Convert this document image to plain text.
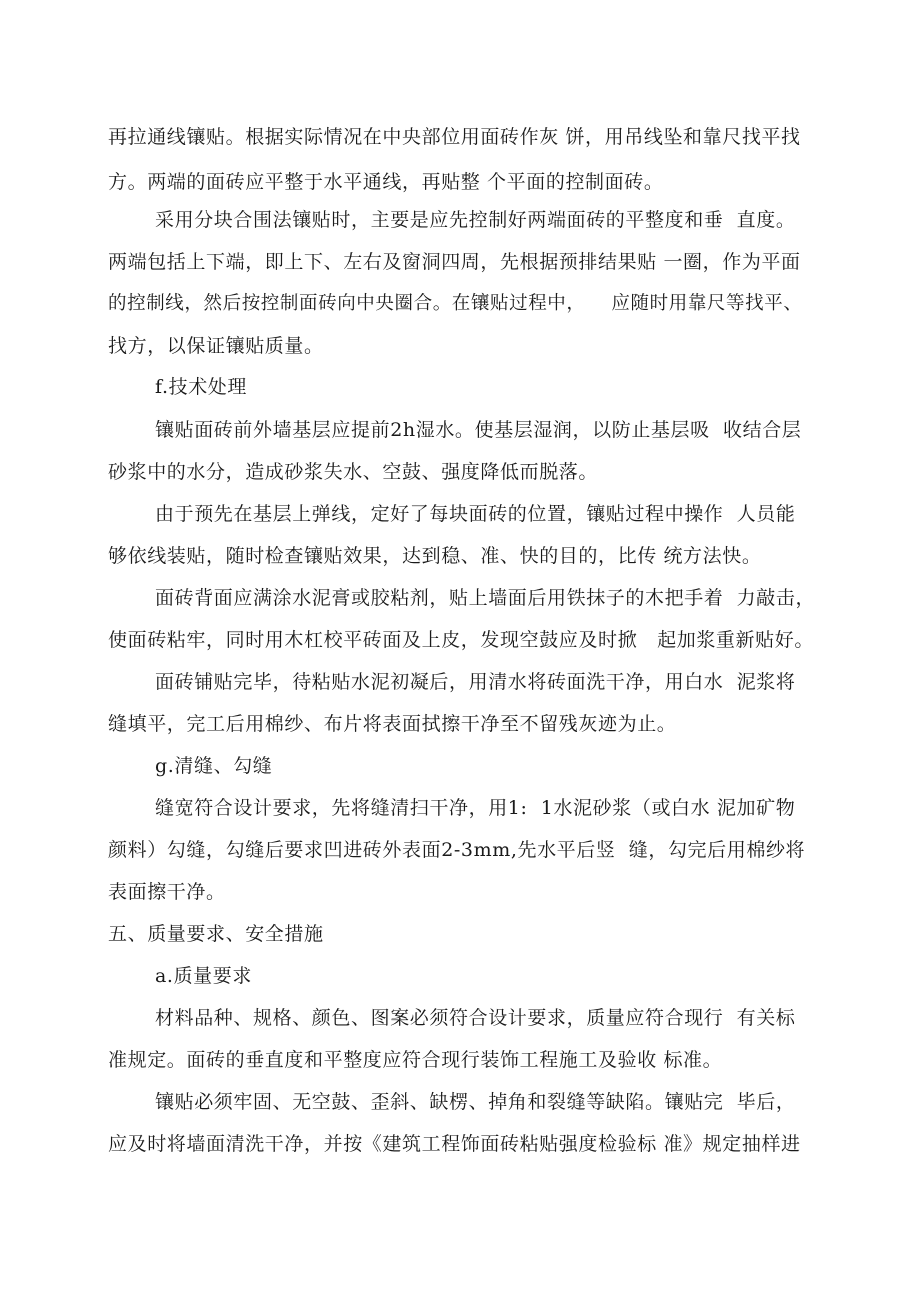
再拉通线镶贴。根据实际情况在中央部位用面砖作灰 饼，用吊线坠和靠尺找平找
方。两端的面砖应平整于水平通线，再贴整 个平面的控制面砖。
采用分块合围法镶贴时，主要是应先控制好两端面砖的平整度和垂  直度。
两端包括上下端，即上下、左右及窗洞四周，先根据预排结果贴 一圈，作为平面
的控制线，然后按控制面砖向中央圈合。在镶贴过程中，    应随时用靠尺等找平、
找方，以保证镶贴质量。
f.技术处理
镶贴面砖前外墙基层应提前2h湿水。使基层湿润，以防止基层吸  收结合层
砂浆中的水分，造成砂浆失水、空鼓、强度降低而脱落。
由于预先在基层上弹线，定好了每块面砖的位置，镶贴过程中操作  人员能
够依线装贴，随时检查镶贴效果，达到稳、准、快的目的，比传 统方法快。
面砖背面应满涂水泥膏或胶粘剂，贴上墙面后用铁抹子的木把手着  力敲击，
使面砖粘牢，同时用木杠校平砖面及上皮，发现空鼓应及时掀   起加浆重新贴好。
面砖铺贴完毕，待粘贴水泥初凝后，用清水将砖面洗干净，用白水  泥浆将
缝填平，完工后用棉纱、布片将表面拭擦干净至不留残灰迹为止。
g.清缝、勾缝
缝宽符合设计要求，先将缝清扫干净，用1:  1水泥砂浆（或白水 泥加矿物
颜料）勾缝，勾缝后要求凹进砖外表面2-3mm,先水平后竖  缝，勾完后用棉纱将
表面擦干净。
五、质量要求、安全措施
a.质量要求
材料品种、规格、颜色、图案必须符合设计要求，质量应符合现行  有关标
准规定。面砖的垂直度和平整度应符合现行装饰工程施工及验收 标准。
镶贴必须牢固、无空鼓、歪斜、缺楞、掉角和裂缝等缺陷。镶贴完  毕后，
应及时将墙面清洗干净，并按《建筑工程饰面砖粘贴强度检验标 准》规定抽样进
